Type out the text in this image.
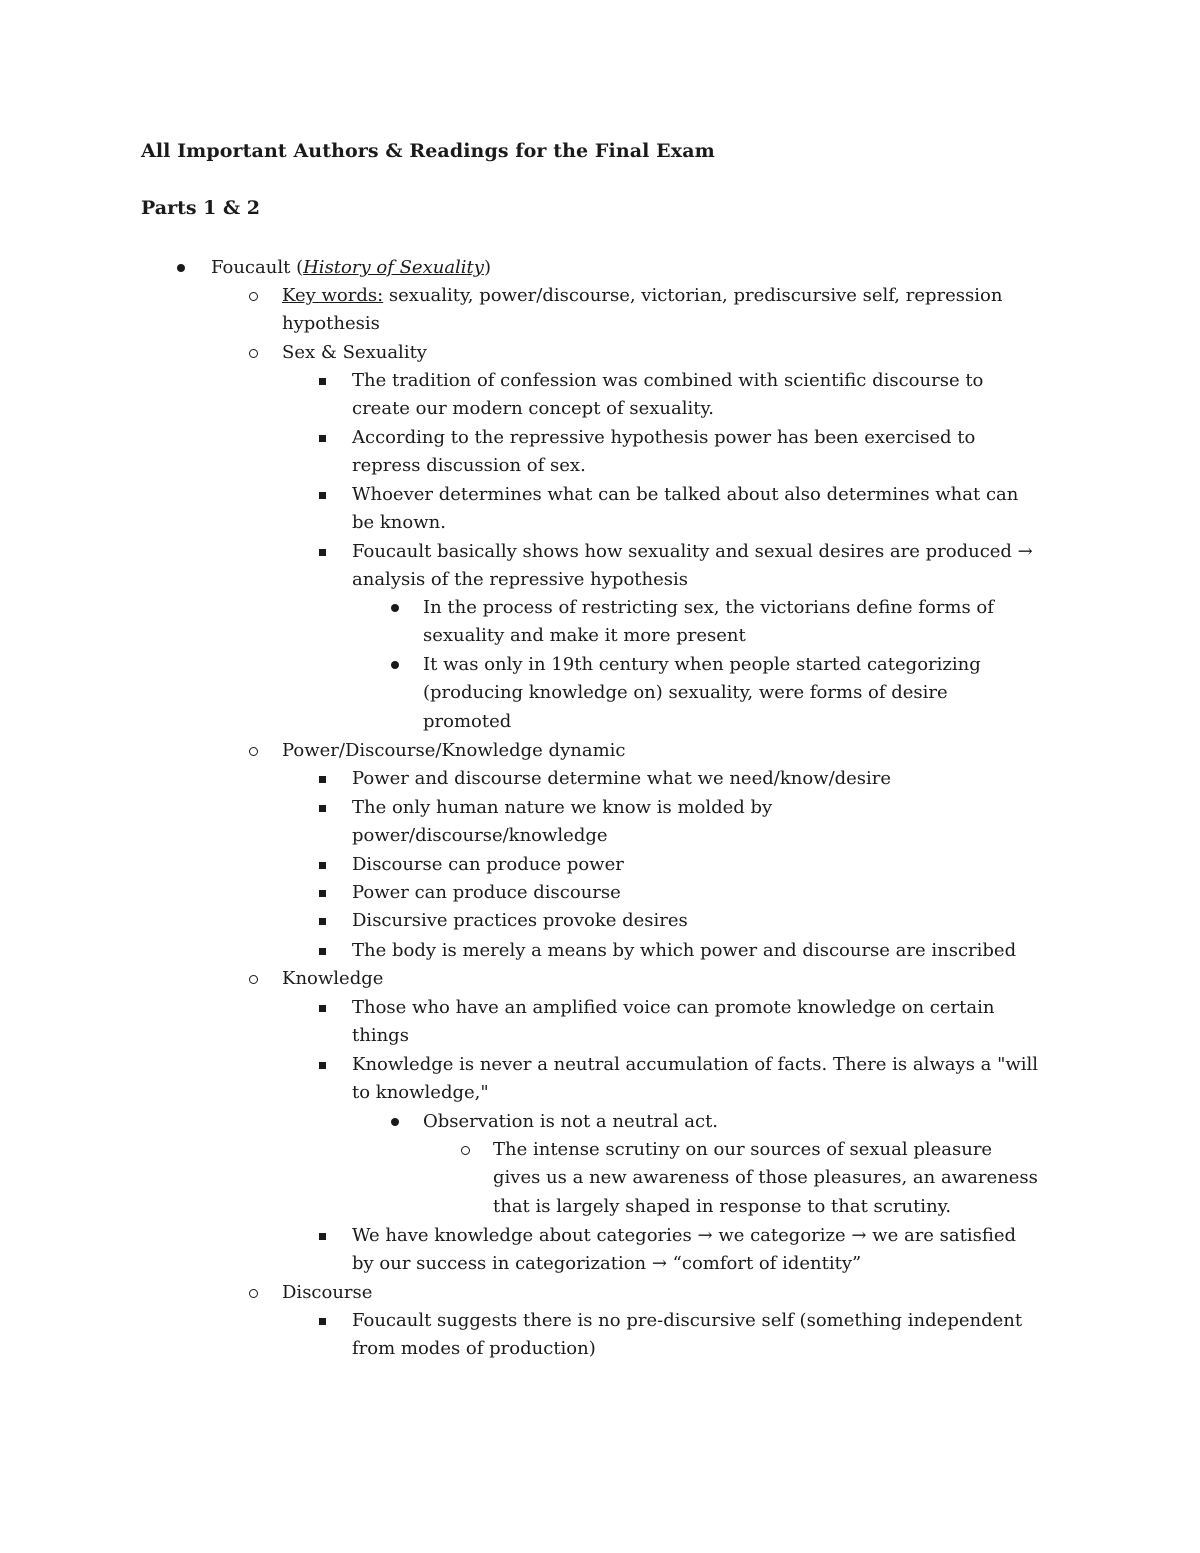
All Important Authors & Readings for the Final Exam
Parts 1 & 2
Foucault (History of Sexuality)
Key words: sexuality, power/discourse, victorian, prediscursive self, repression
hypothesis
Sex & Sexuality
The tradition of confession was combined with scientific discourse to
create our modern concept of sexuality.
According to the repressive hypothesis power has been exercised to
repress discussion of sex.
Whoever determines what can be talked about also determines what can
be known.
Foucault basically shows how sexuality and sexual desires are produced →
analysis of the repressive hypothesis
In the process of restricting sex, the victorians define forms of
sexuality and make it more present
It was only in 19th century when people started categorizing
(producing knowledge on) sexuality, were forms of desire
promoted
Power/Discourse/Knowledge dynamic
Power and discourse determine what we need/know/desire
The only human nature we know is molded by
power/discourse/knowledge
Discourse can produce power
Power can produce discourse
Discursive practices provoke desires
The body is merely a means by which power and discourse are inscribed
Knowledge
Those who have an amplified voice can promote knowledge on certain
things
Knowledge is never a neutral accumulation of facts. There is always a "will
to knowledge,"
Observation is not a neutral act.
The intense scrutiny on our sources of sexual pleasure
gives us a new awareness of those pleasures, an awareness
that is largely shaped in response to that scrutiny.
We have knowledge about categories → we categorize → we are satisfied
by our success in categorization → “comfort of identity”
Discourse
Foucault suggests there is no pre-discursive self (something independent
from modes of production)
